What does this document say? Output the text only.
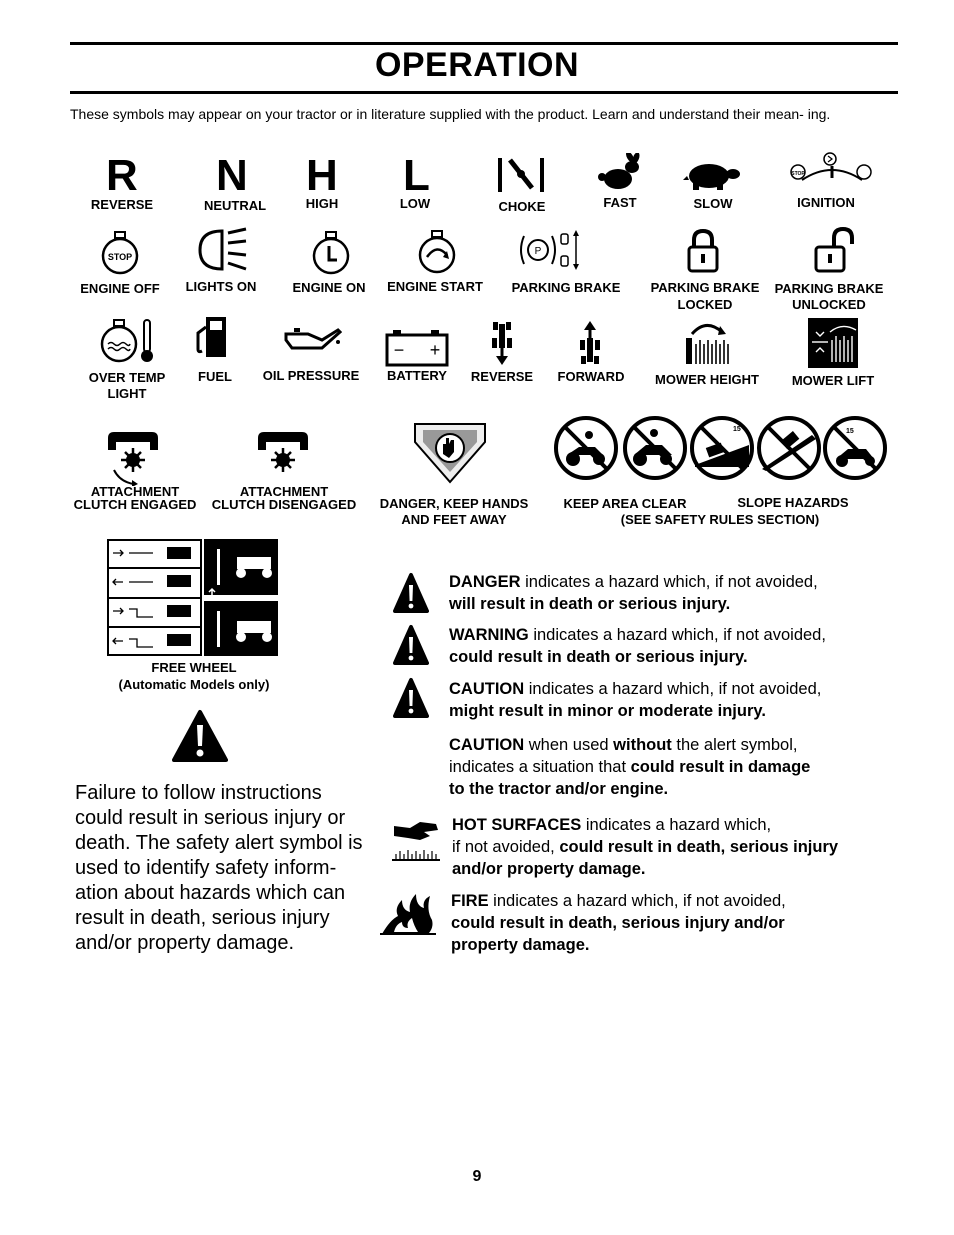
OPERATION
These symbols may appear on your tractor or in literature supplied with the product. Learn and understand their mean- ing.
R N H L	STOP
REVERSE	NEUTRAL	HIGH	LOW	CHOKE	FAST	SLOW	IGNITION
STOP	P
ENGINE OFF	LIGHTS ON	ENGINE ON	ENGINE START	PARKING BRAKE	PARKING BRAKE
LOCKED
PARKING BRAKE
UNLOCKED
− +
OVER TEMP
LIGHT
FUEL	OIL PRESSURE	BATTERY	REVERSE	FORWARD	MOWER HEIGHT	MOWER LIFT
15	15
ATTACHMENT
CLUTCH ENGAGED
ATTACHMENT
CLUTCH DISENGAGED	DANGER, KEEP HANDS
AND FEET AWAY
KEEP AREA CLEAR	SLOPE HAZARDS
(SEE SAFETY RULES SECTION)
FREE WHEEL
(Automatic Models only)
Failure to follow instructions could result in serious injury or death. The safety alert symbol is used to identify safety inform- ation about hazards which can result in death, serious injury and/or property damage.
DANGER indicates a hazard which, if not avoided,
will result in death or serious injury.
WARNING indicates a hazard which, if not avoided,
could result in death or serious injury.
CAUTION indicates a hazard which, if not avoided,
might result in minor or moderate injury.
CAUTION when used without the alert symbol,
indicates a situation that could result in damage
to the tractor and/or engine.
HOT SURFACES indicates a hazard which,
if not avoided, could result in death, serious injury
and/or property damage.
FIRE indicates a hazard which, if not avoided,
could result in death, serious injury and/or
property damage.
9
